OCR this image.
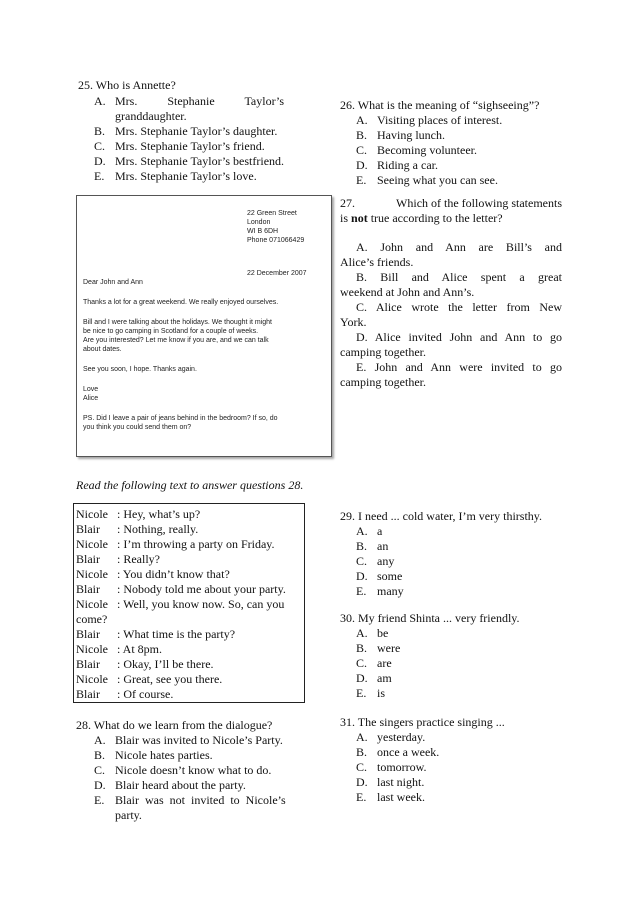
25. Who is Annette?
A. Mrs.          Stephanie          Taylor’s
granddaughter.
B. Mrs. Stephanie Taylor’s daughter.
C. Mrs. Stephanie Taylor’s friend.
D. Mrs. Stephanie Taylor’s bestfriend.
E. Mrs. Stephanie Taylor’s love.
26. What is the meaning of “sighseeing”?
A. Visiting places of interest.
B. Having lunch.
C. Becoming volunteer.
D. Riding a car.
E. Seeing what you can see.
27.	Which of the following statements
is not true according to the letter?
A. John and Ann are Bill’s and
Alice’s friends.
B. Bill and Alice spent a great
weekend at John and Ann’s.
C. Alice wrote the letter from New
York.
D. Alice invited John and Ann to go
camping together.
E. John and Ann were invited to go
camping together.
22 Green Street
London
WI B 6DH
Phone 071066429
22 December 2007
Dear John and Ann
Thanks a lot for a great weekend. We really enjoyed ourselves.
Bill and I were talking about the holidays. We thought it might
be nice to go camping in Scotland for a couple of weeks.
Are you interested? Let me know if you are, and we can talk
about dates.
See you soon, I hope. Thanks again.
Love
Alice
PS. Did I leave a pair of jeans behind in the bedroom? If so, do
you think you could send them on?
Read the following text to answer questions 28.
Nicole : Hey, what’s up?
Blair : Nothing, really.
Nicole : I’m throwing a party on Friday.
Blair : Really?
Nicole : You didn’t know that?
Blair : Nobody told me about your party.
Nicole : Well, you know now. So, can you
come?
Blair : What time is the party?
Nicole : At 8pm.
Blair : Okay, I’ll be there.
Nicole : Great, see you there.
Blair : Of course.
28. What do we learn from the dialogue?
A. Blair was invited to Nicole’s Party.
B. Nicole hates parties.
C. Nicole doesn’t know what to do.
D. Blair heard about the party.
E. Blair  was  not  invited  to  Nicole’s
party.
29. I need ... cold water, I’m very thirsthy.
A. a
B. an
C. any
D. some
E. many
30. My friend Shinta ... very friendly.
A. be
B. were
C. are
D. am
E. is
31. The singers practice singing ...
A. yesterday.
B. once a week.
C. tomorrow.
D. last night.
E. last week.
